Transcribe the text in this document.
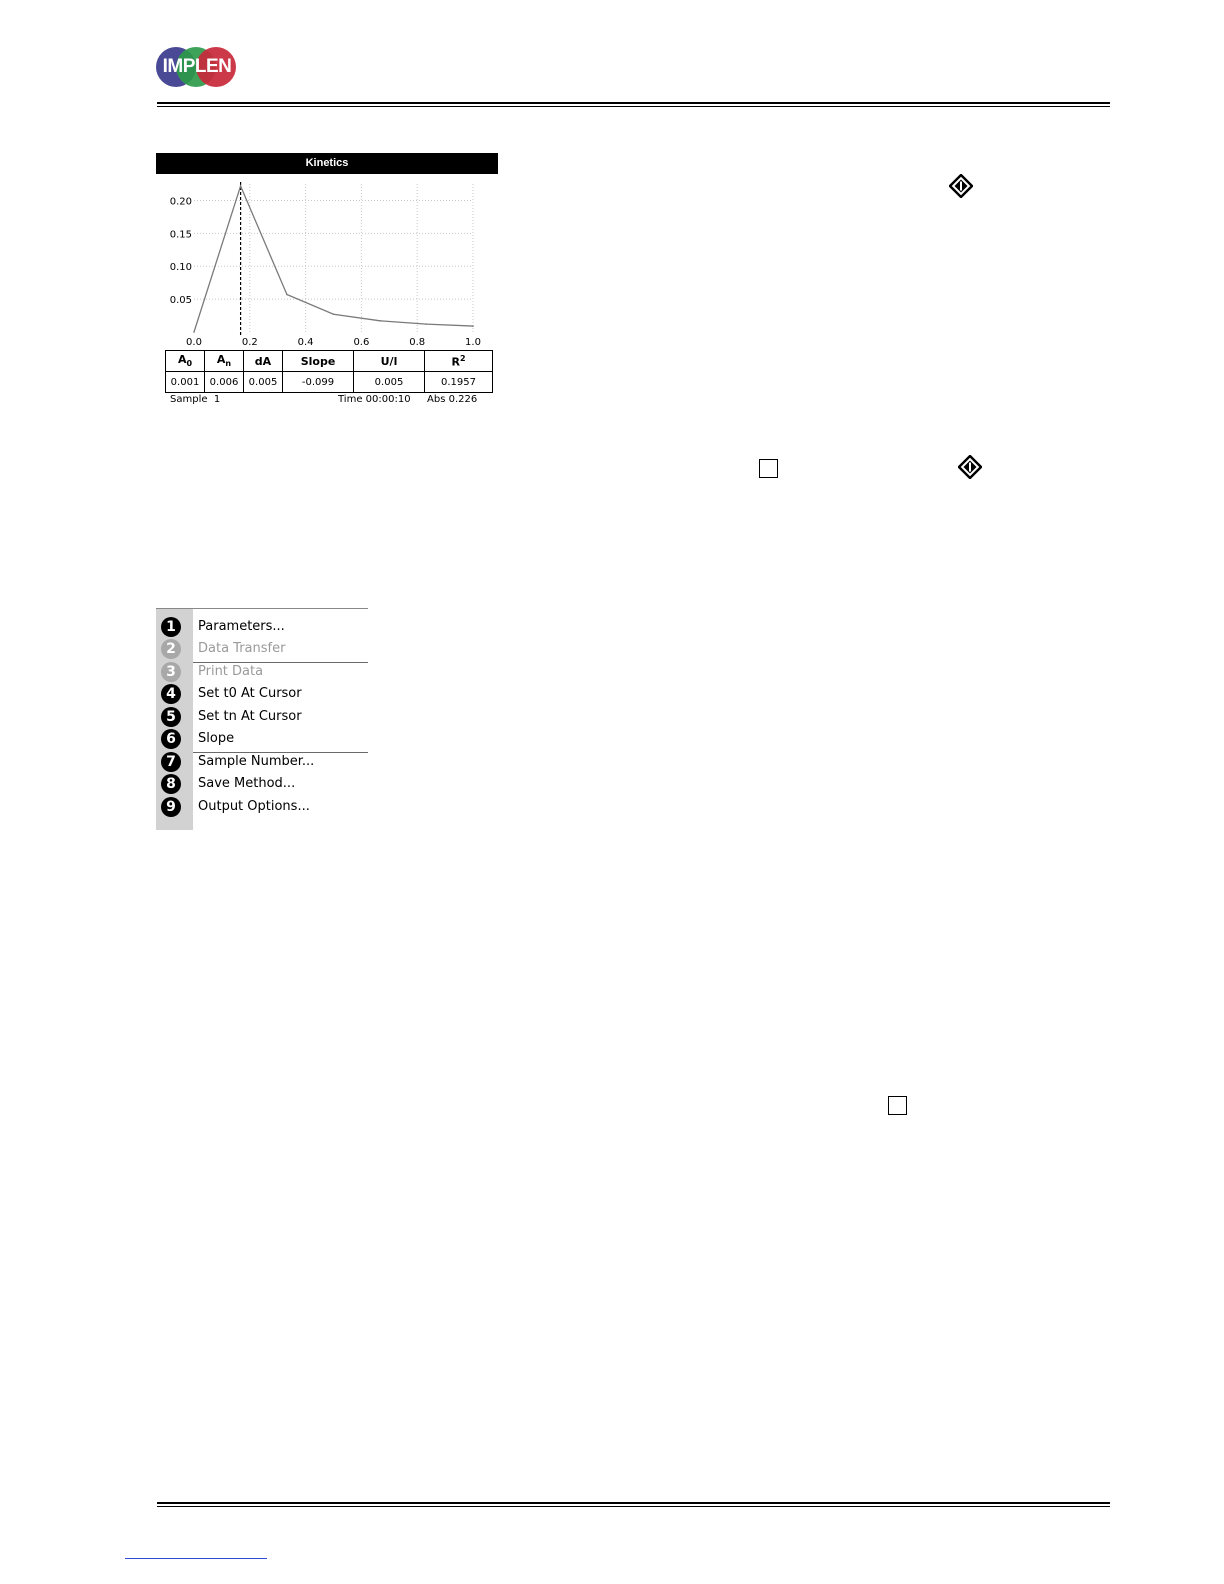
IMPLEN
Kinetics
0.0	0.2	0.4	0.6	0.8	1.0
0.05
0.10
0.15
0.20
$A_0$	$A_n$	dA	Slope	U/l	$R^2$
0.001	0.006	0.005	-0.099	0.005	0.1957
Sample  1	Time 00:00:10 Abs 0.226
1	Parameters...
2	Data Transfer
3	Print Data
4	Set t0 At Cursor
5	Set tn At Cursor
6	Slope
7	Sample Number...
8	Save Method...
9	Output Options...
